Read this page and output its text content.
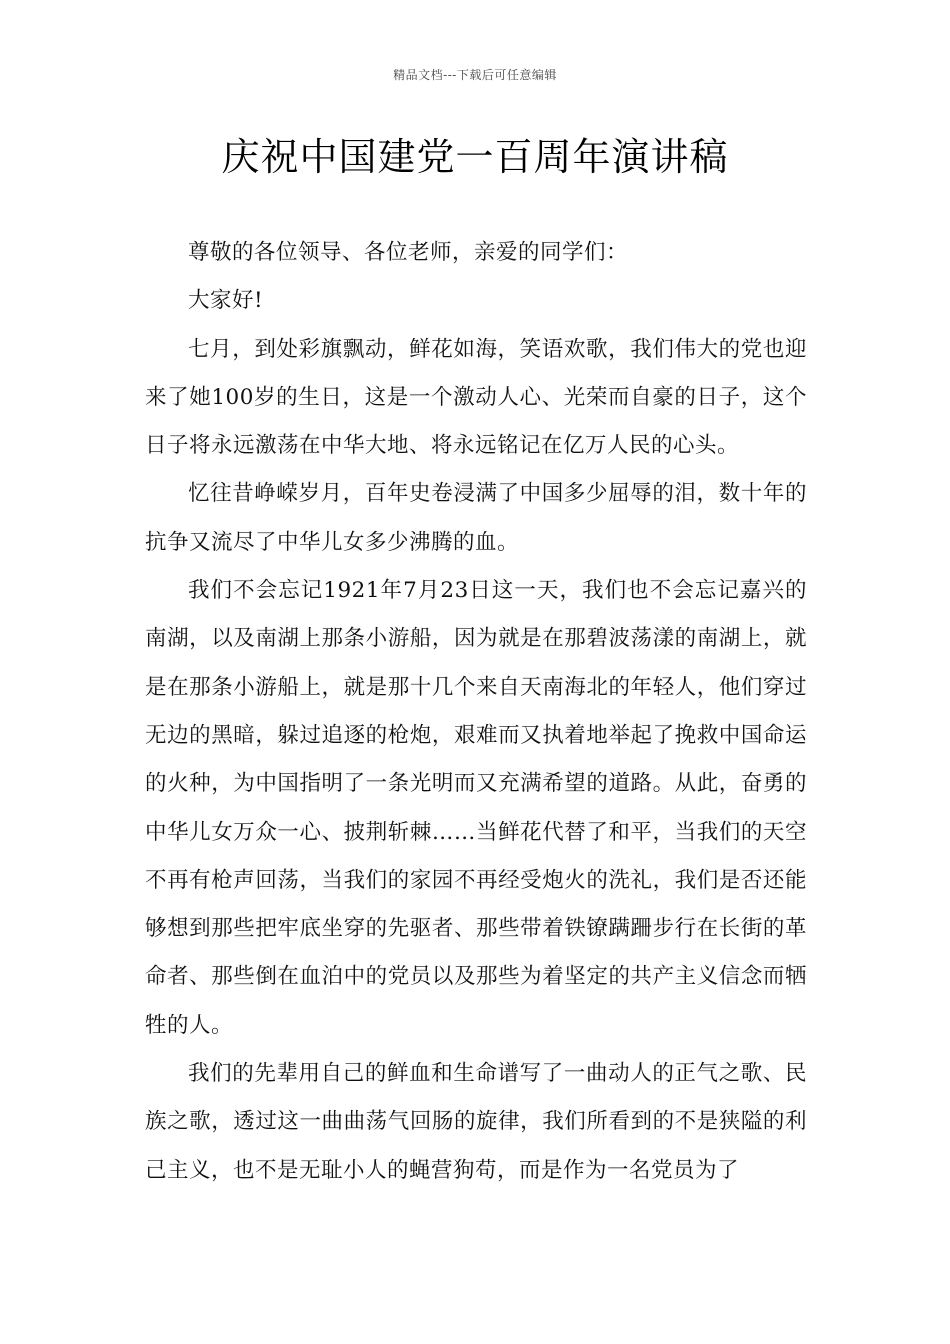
精品文档---下载后可任意编辑
庆祝中国建党一百周年演讲稿

尊敬的各位领导、各位老师，亲爱的同学们：

大家好!

七月，到处彩旗飘动，鲜花如海，笑语欢歌，我们伟大的党也迎来了她100岁的生日，这是一个激动人心、光荣而自豪的日子，这个日子将永远激荡在中华大地、将永远铭记在亿万人民的心头。

忆往昔峥嵘岁月，百年史卷浸满了中国多少屈辱的泪，数十年的抗争又流尽了中华儿女多少沸腾的血。

我们不会忘记1921年7月23日这一天，我们也不会忘记嘉兴的南湖，以及南湖上那条小游船，因为就是在那碧波荡漾的南湖上，就是在那条小游船上，就是那十几个来自天南海北的年轻人，他们穿过无边的黑暗，躲过追逐的枪炮，艰难而又执着地举起了挽救中国命运的火种，为中国指明了一条光明而又充满希望的道路。从此，奋勇的中华儿女万众一心、披荆斩棘……当鲜花代替了和平，当我们的天空不再有枪声回荡，当我们的家园不再经受炮火的洗礼，我们是否还能够想到那些把牢底坐穿的先驱者、那些带着铁镣蹒跚步行在长街的革命者、那些倒在血泊中的党员以及那些为着坚定的共产主义信念而牺牲的人。

我们的先辈用自己的鲜血和生命谱写了一曲动人的正气之歌、民族之歌，透过这一曲曲荡气回肠的旋律，我们所看到的不是狭隘的利己主义，也不是无耻小人的蝇营狗苟，而是作为一名党员为了
